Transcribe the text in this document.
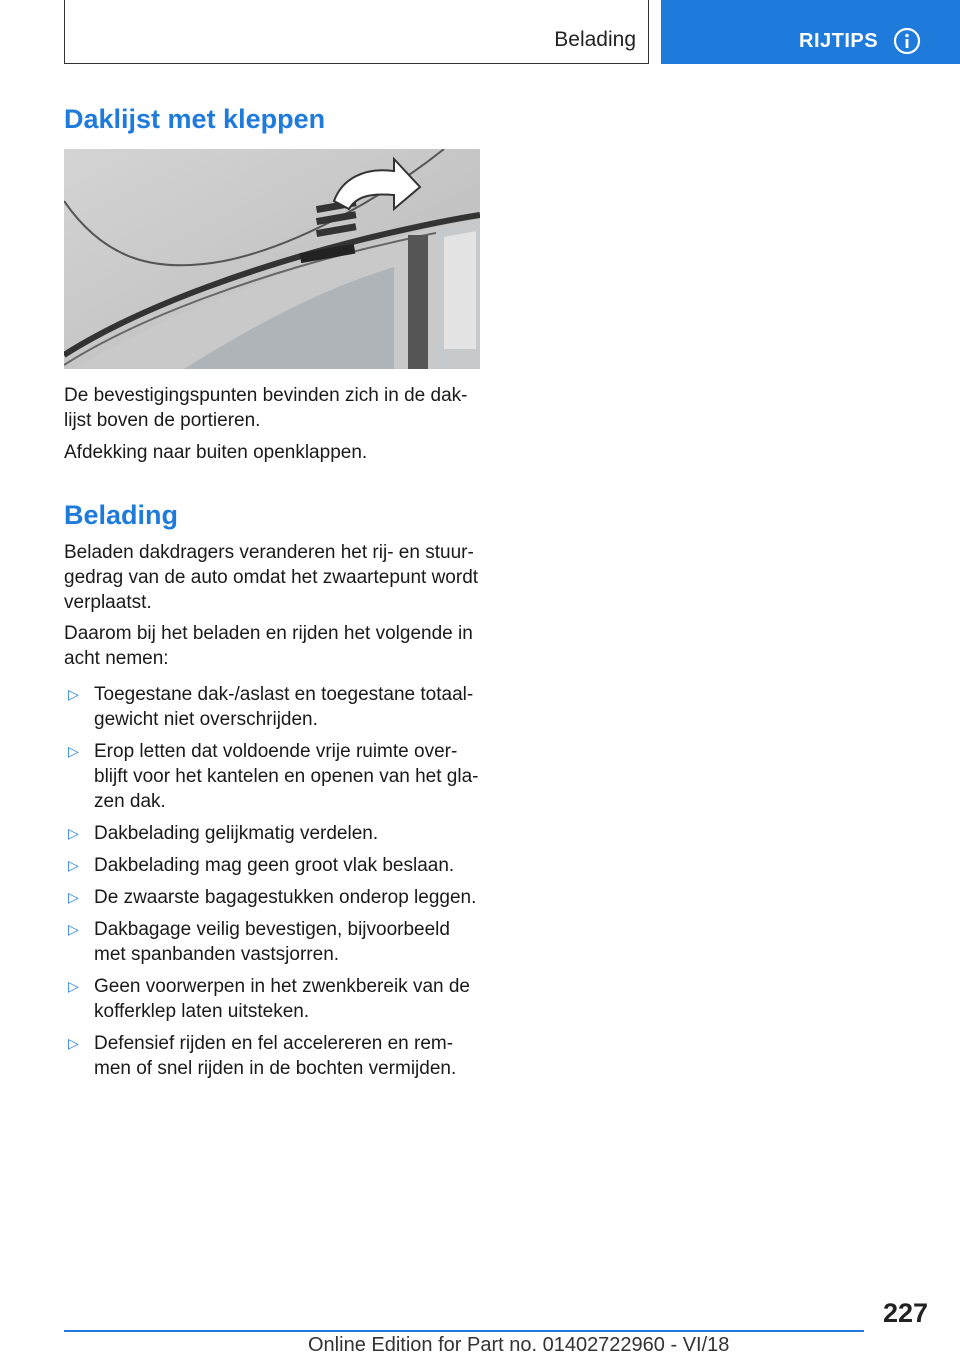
Belading	RIJTIPS
Daklijst met kleppen

De bevestigingspunten bevinden zich in de dak-lijst boven de portieren.

Afdekking naar buiten openklappen.

Belading

Beladen dakdragers veranderen het rij- en stuur-gedrag van de auto omdat het zwaartepunt wordt verplaatst.

Daarom bij het beladen en rijden het volgende in acht nemen:

▷ Toegestane dak-/aslast en toegestane totaal-gewicht niet overschrijden.
▷ Erop letten dat voldoende vrije ruimte over-blijft voor het kantelen en openen van het gla-zen dak.
▷ Dakbelading gelijkmatig verdelen.
▷ Dakbelading mag geen groot vlak beslaan.
▷ De zwaarste bagagestukken onderop leggen.
▷ Dakbagage veilig bevestigen, bijvoorbeeld met spanbanden vastsjorren.
▷ Geen voorwerpen in het zwenkbereik van de kofferklep laten uitsteken.
▷ Defensief rijden en fel accelereren en rem-men of snel rijden in de bochten vermijden.
227
Online Edition for Part no. 01402722960 - VI/18
